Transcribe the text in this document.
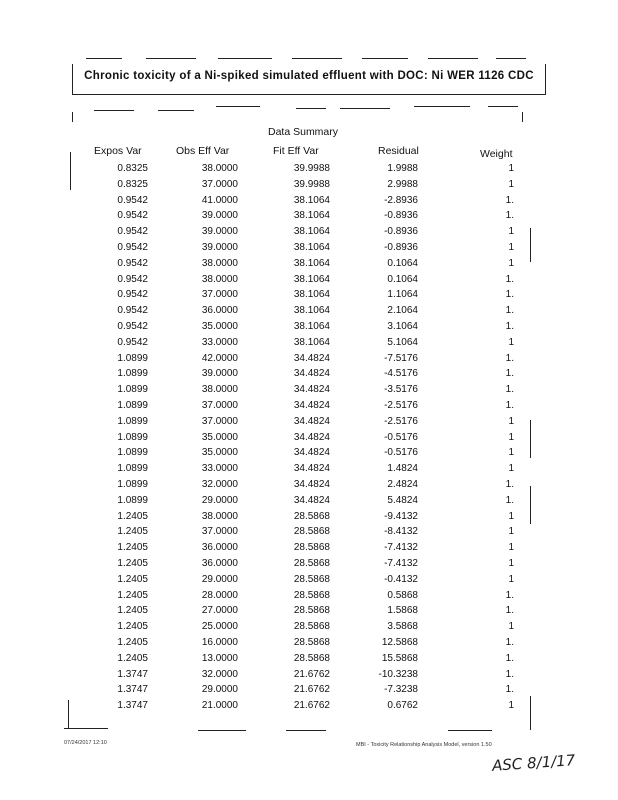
Chronic toxicity of a Ni-spiked simulated effluent with DOC: Ni WER 1126 CDC
Data Summary
Expos Var	Obs Eff Var	Fit Eff Var	Residual	Weight
0.8325	38.0000	39.9988	1.9988	1
0.8325	37.0000	39.9988	2.9988	1
0.9542	41.0000	38.1064	-2.8936	1.
0.9542	39.0000	38.1064	-0.8936	1.
0.9542	39.0000	38.1064	-0.8936	1
0.9542	39.0000	38.1064	-0.8936	1
0.9542	38.0000	38.1064	0.1064	1
0.9542	38.0000	38.1064	0.1064	1.
0.9542	37.0000	38.1064	1.1064	1.
0.9542	36.0000	38.1064	2.1064	1.
0.9542	35.0000	38.1064	3.1064	1.
0.9542	33.0000	38.1064	5.1064	1
1.0899	42.0000	34.4824	-7.5176	1.
1.0899	39.0000	34.4824	-4.5176	1.
1.0899	38.0000	34.4824	-3.5176	1.
1.0899	37.0000	34.4824	-2.5176	1.
1.0899	37.0000	34.4824	-2.5176	1
1.0899	35.0000	34.4824	-0.5176	1
1.0899	35.0000	34.4824	-0.5176	1
1.0899	33.0000	34.4824	1.4824	1
1.0899	32.0000	34.4824	2.4824	1.
1.0899	29.0000	34.4824	5.4824	1.
1.2405	38.0000	28.5868	-9.4132	1
1.2405	37.0000	28.5868	-8.4132	1
1.2405	36.0000	28.5868	-7.4132	1
1.2405	36.0000	28.5868	-7.4132	1
1.2405	29.0000	28.5868	-0.4132	1
1.2405	28.0000	28.5868	0.5868	1.
1.2405	27.0000	28.5868	1.5868	1.
1.2405	25.0000	28.5868	3.5868	1
1.2405	16.0000	28.5868	12.5868	1.
1.2405	13.0000	28.5868	15.5868	1.
1.3747	32.0000	21.6762	-10.3238	1.
1.3747	29.0000	21.6762	-7.3238	1.
1.3747	21.0000	21.6762	0.6762	1
07/24/2017 12:10	MBI - Toxicity Relationship Analysis Model, version 1.50
ASC 8/1/17
